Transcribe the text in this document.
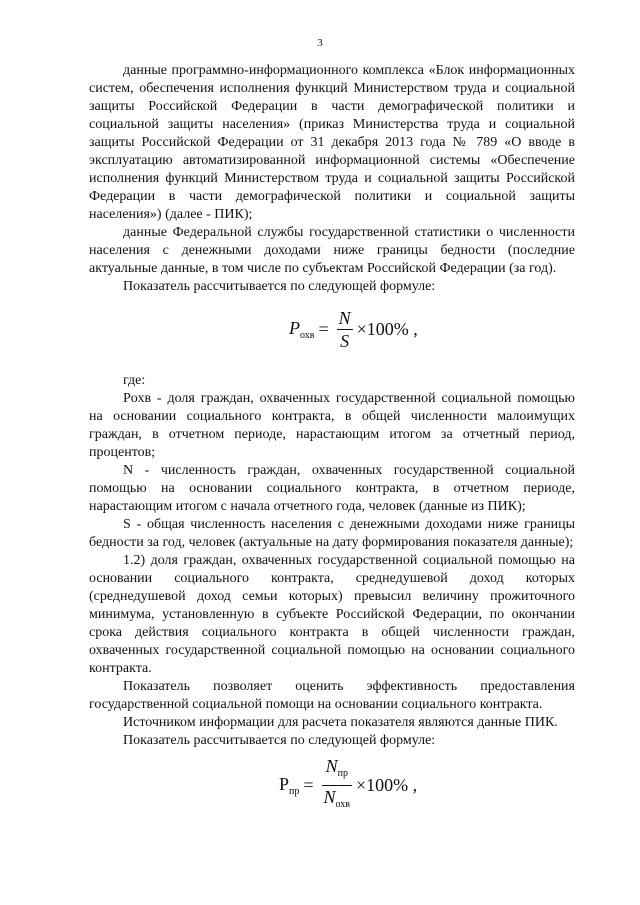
3

данные программно-информационного комплекса «Блок информационных систем, обеспечения исполнения функций Министерством труда и социальной защиты Российской Федерации в части демографической политики и социальной защиты населения» (приказ Министерства труда и социальной защиты Российской Федерации от 31 декабря 2013 года № 789 «О вводе в эксплуатацию автоматизированной информационной системы «Обеспечение исполнения функций Министерством труда и социальной защиты Российской Федерации в части демографической политики и социальной защиты населения») (далее - ПИК);

данные Федеральной службы государственной статистики о численности населения с денежными доходами ниже границы бедности (последние актуальные данные, в том числе по субъектам Российской Федерации (за год).

Показатель рассчитывается по следующей формуле:

$P_{охв} = \frac{N}{S} \times 100\%$ ,

где:

Pохв - доля граждан, охваченных государственной социальной помощью на основании социального контракта, в общей численности малоимущих граждан, в отчетном периоде, нарастающим итогом за отчетный период, процентов;

N - численность граждан, охваченных государственной социальной помощью на основании социального контракта, в отчетном периоде, нарастающим итогом с начала отчетного года, человек (данные из ПИК);

S - общая численность населения с денежными доходами ниже границы бедности за год, человек (актуальные на дату формирования показателя данные);

1.2) доля граждан, охваченных государственной социальной помощью на основании социального контракта, среднедушевой доход которых (среднедушевой доход семьи которых) превысил величину прожиточного минимума, установленную в субъекте Российской Федерации, по окончании срока действия социального контракта в общей численности граждан, охваченных государственной социальной помощью на основании социального контракта.

Показатель позволяет оценить эффективность предоставления государственной социальной помощи на основании социального контракта.

Источником информации для расчета показателя являются данные ПИК.

Показатель рассчитывается по следующей формуле:

$P_{пр} = \frac{N_{пр}}{N_{охв}} \times 100\%$ ,
